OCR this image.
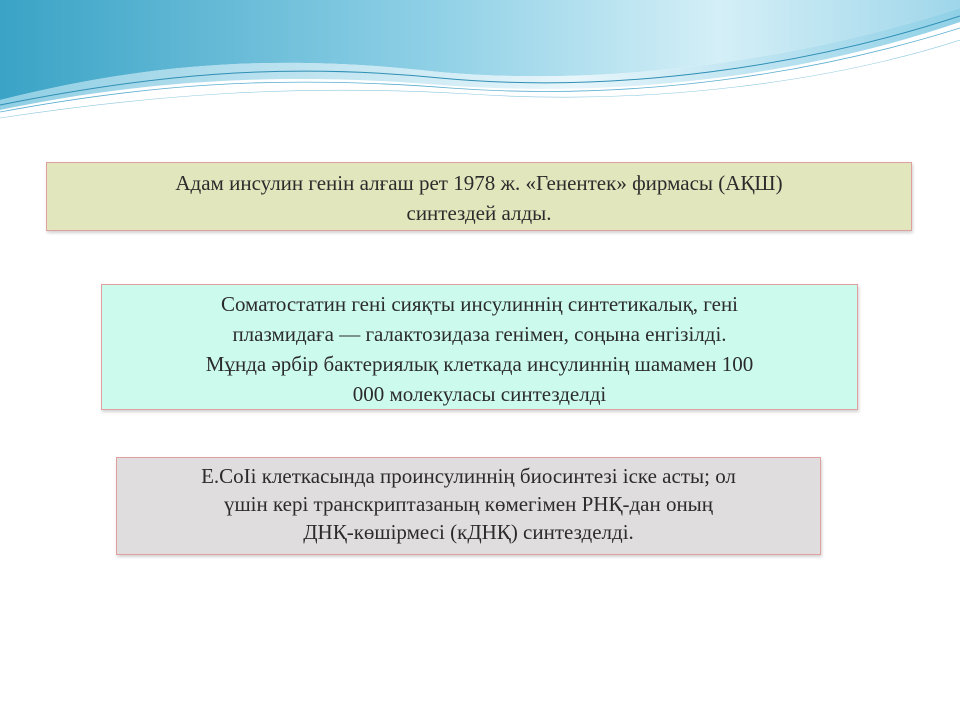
Адам инсулин генін алғаш рет 1978 ж. «Генентек» фирмасы (АҚШ)
синтездей алды.
Соматостатин гені сияқты инсулиннің синтетикалық, гені
плазмидаға — галактозидаза генімен, соңына енгізілді.
Мұнда әрбір бактериялық клеткада инсулиннің шамамен 100
000 молекуласы синтезделді
Е.CoIi клеткасында проинсулиннің биосинтезі іске асты; ол
үшін кері транскриптазаның көмегімен РНҚ-дан оның
ДНҚ-көшірмесі (кДНҚ) синтезделді.
